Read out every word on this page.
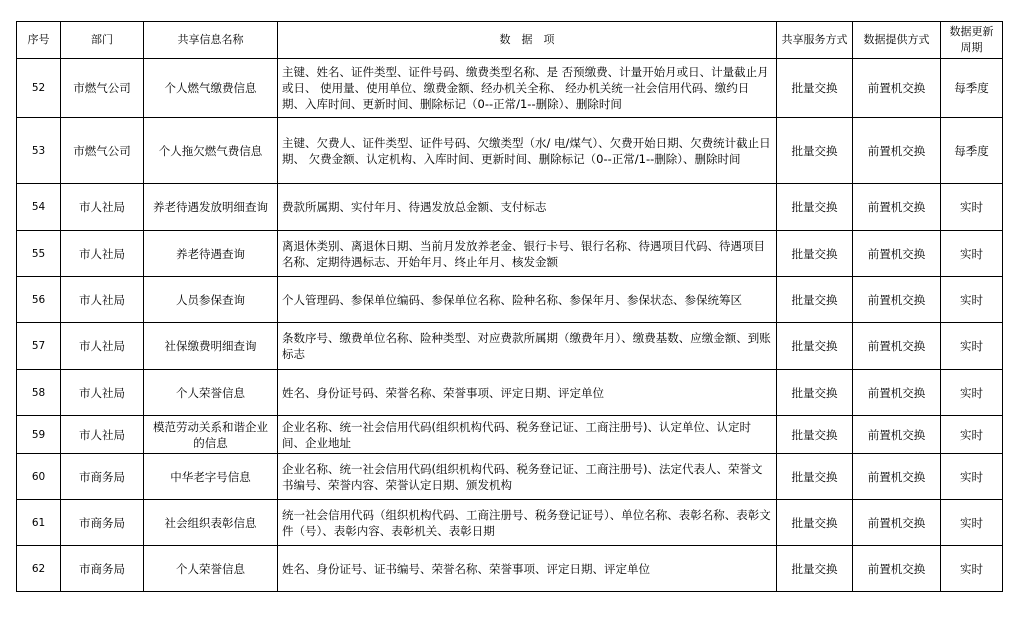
序号	部门	共享信息名称	数　据　项	共享服务方式	数据提供方式	数据更新周期
52	市燃气公司	个人燃气缴费信息	主键、姓名、证件类型、证件号码、缴费类型名称、是 否预缴费、计量开始月或日、计量截止月或日、 使用量、使用单位、缴费金额、经办机关全称、 经办机关统一社会信用代码、缴约日期、入库时间、更新时间、删除标记（0--正常/1--删除）、删除时间	批量交换	前置机交换	每季度
53	市燃气公司	个人拖欠燃气费信息	主键、欠费人、证件类型、证件号码、欠缴类型（水/ 电/煤气）、欠费开始日期、欠费统计截止日期、 欠费金额、认定机构、入库时间、更新时间、删除标记（0--正常/1--删除）、删除时间	批量交换	前置机交换	每季度
54	市人社局	养老待遇发放明细查询	费款所属期、实付年月、待遇发放总金额、支付标志	批量交换	前置机交换	实时
55	市人社局	养老待遇查询	离退休类别、离退休日期、当前月发放养老金、银行卡号、银行名称、待遇项目代码、待遇项目名称、定期待遇标志、开始年月、终止年月、核发金额	批量交换	前置机交换	实时
56	市人社局	人员参保查询	个人管理码、参保单位编码、参保单位名称、险种名称、参保年月、参保状态、参保统筹区	批量交换	前置机交换	实时
57	市人社局	社保缴费明细查询	条数序号、缴费单位名称、险种类型、对应费款所属期（缴费年月）、缴费基数、应缴金额、到账标志	批量交换	前置机交换	实时
58	市人社局	个人荣誉信息	姓名、身份证号码、荣誉名称、荣誉事项、评定日期、评定单位	批量交换	前置机交换	实时
59	市人社局	模范劳动关系和谐企业的信息	企业名称、统一社会信用代码(组织机构代码、税务登记证、工商注册号)、认定单位、认定时间、企业地址	批量交换	前置机交换	实时
60	市商务局	中华老字号信息	企业名称、统一社会信用代码(组织机构代码、税务登记证、工商注册号)、法定代表人、荣誉文书编号、荣誉内容、荣誉认定日期、颁发机构	批量交换	前置机交换	实时
61	市商务局	社会组织表彰信息	统一社会信用代码（组织机构代码、工商注册号、税务登记证号）、单位名称、表彰名称、表彰文件（号）、表彰内容、表彰机关、表彰日期	批量交换	前置机交换	实时
62	市商务局	个人荣誉信息	姓名、身份证号、证书编号、荣誉名称、荣誉事项、评定日期、评定单位	批量交换	前置机交换	实时
